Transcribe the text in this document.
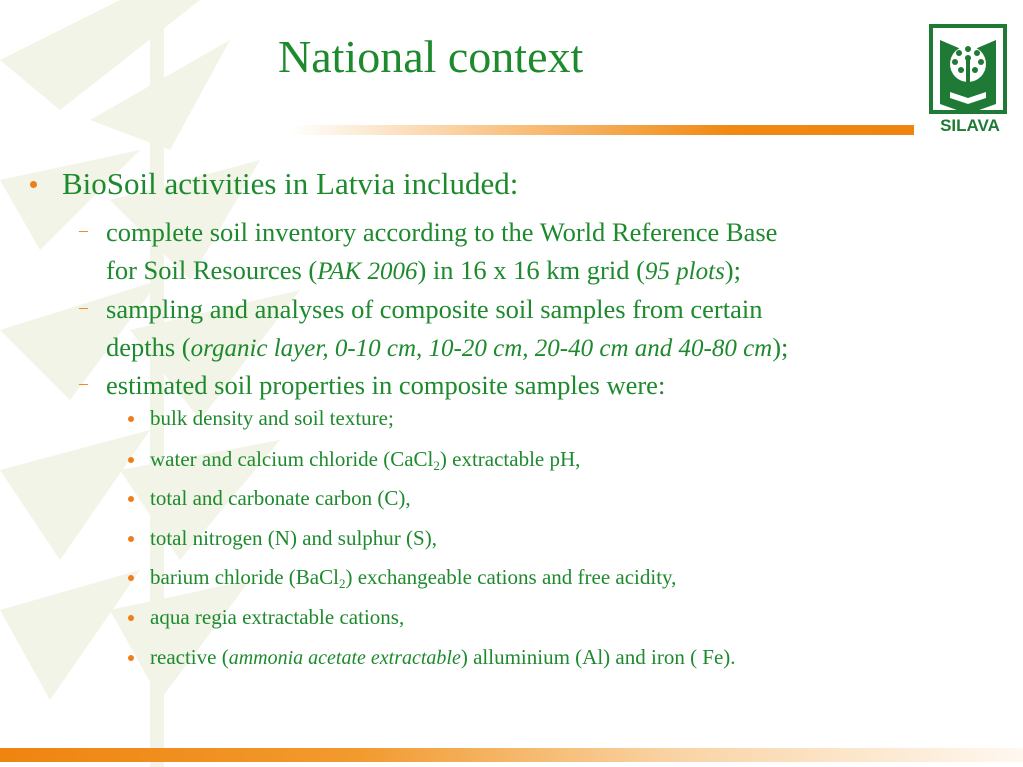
National context
SILAVA
BioSoil activities in Latvia included:
– complete soil inventory according to the World Reference Base
for Soil Resources (PAK 2006) in 16 x 16 km grid (95 plots);
– sampling and analyses of composite soil samples from certain
depths (organic layer, 0-10 cm, 10-20 cm, 20-40 cm and 40-80 cm);
– estimated soil properties in composite samples were:
bulk density and soil texture;
water and calcium chloride (CaCl$_2$) extractable pH,
total and carbonate carbon (C),
total nitrogen (N) and sulphur (S),
barium chloride (BaCl$_2$) exchangeable cations and free acidity,
aqua regia extractable cations,
reactive (ammonia acetate extractable) alluminium (Al) and iron ( Fe).
